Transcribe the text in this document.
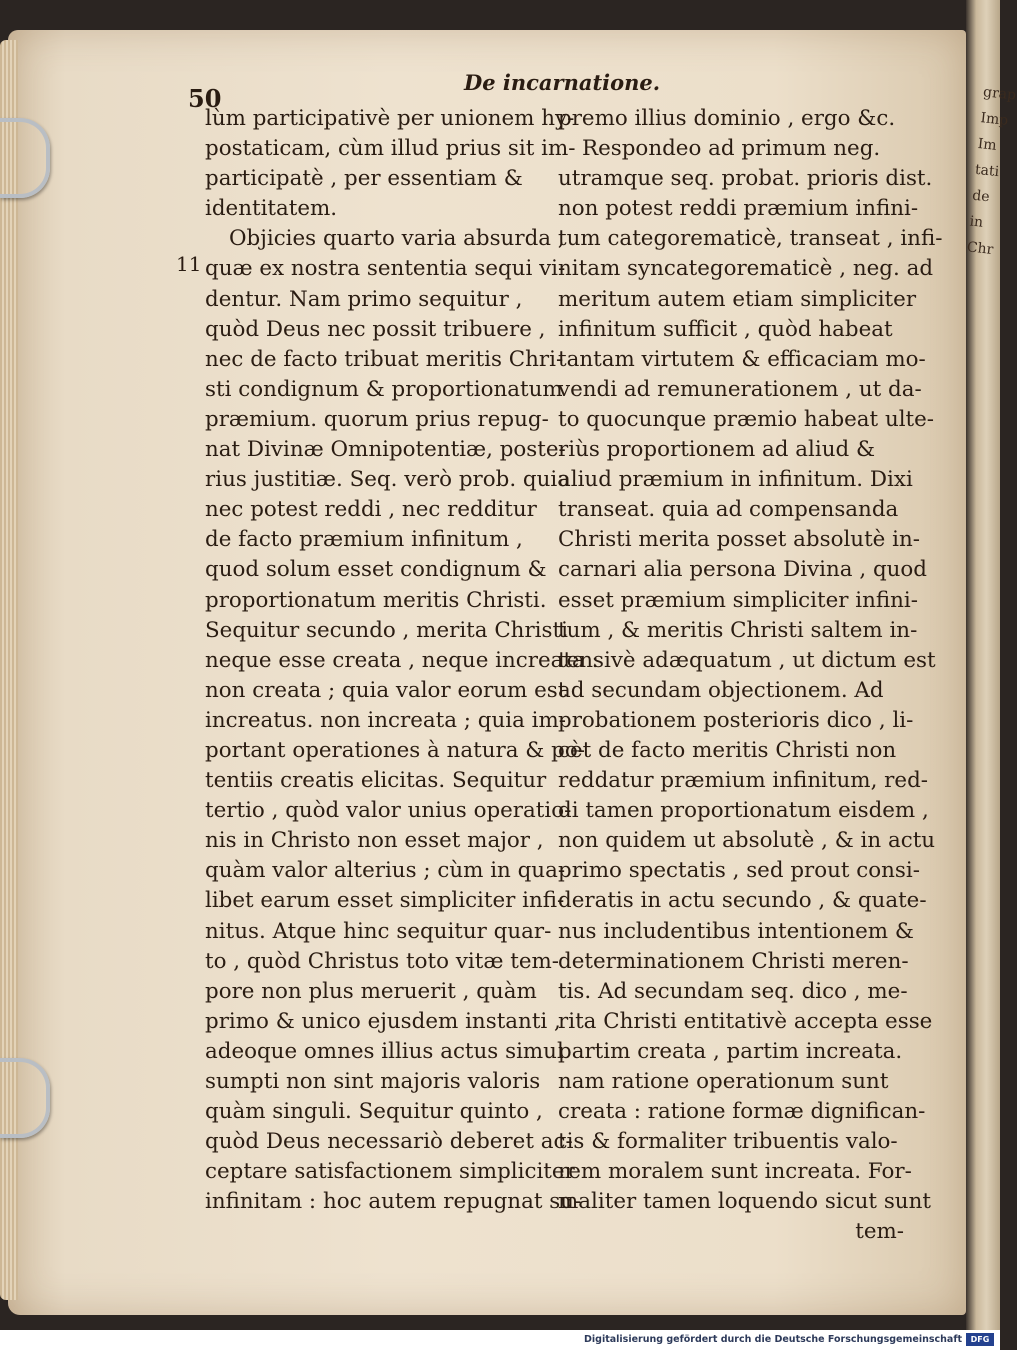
grap
Imp
Im
tati
de
in
Chr
De incarnatione.
50
11
lùm participativè per unionem hy-
postaticam, cùm illud prius sit im-
participatè , per essentiam &
identitatem.
Objicies quarto varia absurda ,
quæ ex nostra sententia sequi vi-
dentur. Nam primo sequitur ,
quòd Deus nec possit tribuere ,
nec de facto tribuat meritis Chri-
sti condignum & proportionatum
præmium. quorum prius repug-
nat Divinæ Omnipotentiæ, poste-
rius justitiæ. Seq. verò prob. quia
nec potest reddi , nec redditur
de facto præmium infinitum ,
quod solum esset condignum &
proportionatum meritis Christi.
Sequitur secundo , merita Christi
neque esse creata , neque increata :
non creata ; quia valor eorum est
increatus. non increata ; quia im-
portant operationes à natura & po-
tentiis creatis elicitas. Sequitur
tertio , quòd valor unius operatio-
nis in Christo non esset major ,
quàm valor alterius ; cùm in qua-
libet earum esset simpliciter infi-
nitus. Atque hinc sequitur quar-
to , quòd Christus toto vitæ tem-
pore non plus meruerit , quàm
primo & unico ejusdem instanti ,
adeoque omnes illius actus simul
sumpti non sint majoris valoris
quàm singuli. Sequitur quinto ,
quòd Deus necessariò deberet ac-
ceptare satisfactionem simpliciter
infinitam : hoc autem repugnat su-
premo illius dominio , ergo &c.
Respondeo ad primum neg.
utramque seq. probat. prioris dist.
non potest reddi præmium infini-
tum categorematicè, transeat , infi-
nitam syncategorematicè , neg. ad
meritum autem etiam simpliciter
infinitum sufficit , quòd habeat
tantam virtutem & efficaciam mo-
vendi ad remunerationem , ut da-
to quocunque præmio habeat ulte-
riùs proportionem ad aliud &
aliud præmium in infinitum. Dixi
transeat. quia ad compensanda
Christi merita posset absolutè in-
carnari alia persona Divina , quod
esset præmium simpliciter infini-
tum , & meritis Christi saltem in-
tensivè adæquatum , ut dictum est
ad secundam objectionem. Ad
probationem posterioris dico , li-
cèt de facto meritis Christi non
reddatur præmium infinitum, red-
di tamen proportionatum eisdem ,
non quidem ut absolutè , & in actu
primo spectatis , sed prout consi-
deratis in actu secundo , & quate-
nus includentibus intentionem &
determinationem Christi meren-
tis. Ad secundam seq. dico , me-
rita Christi entitativè accepta esse
partim creata , partim increata.
nam ratione operationum sunt
creata : ratione formæ dignifican-
tis & formaliter tribuentis valo-
rem moralem sunt increata. For-
maliter tamen loquendo sicut sunt
tem-
Digitalisierung gefördert durch die Deutsche Forschungsgemeinschaft	DFG
